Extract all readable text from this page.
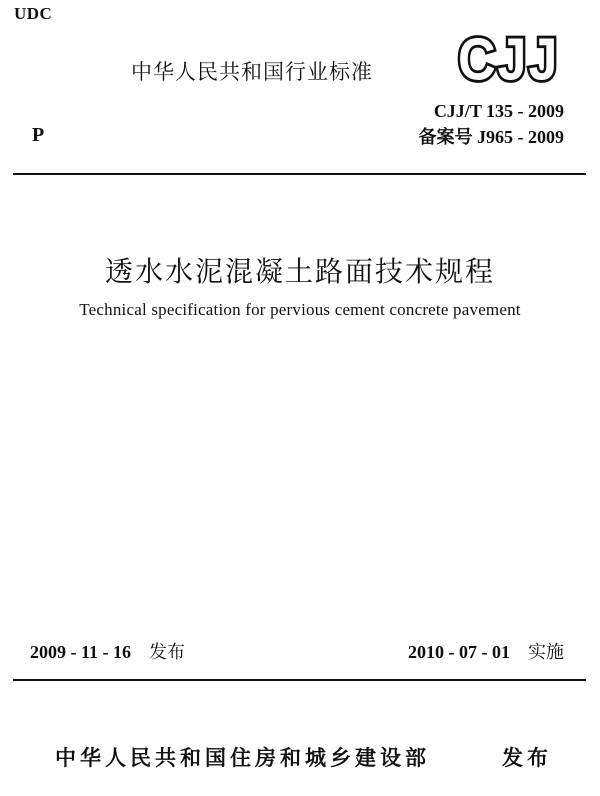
UDC
中华人民共和国行业标准 CJJ
P
CJJ/T 135 - 2009
备案号 J965 - 2009
透水水泥混凝土路面技术规程
Technical specification for pervious cement concrete pavement
2009 - 11 - 16 发布	2010 - 07 - 01 实施
中华人民共和国住房和城乡建设部	发布
